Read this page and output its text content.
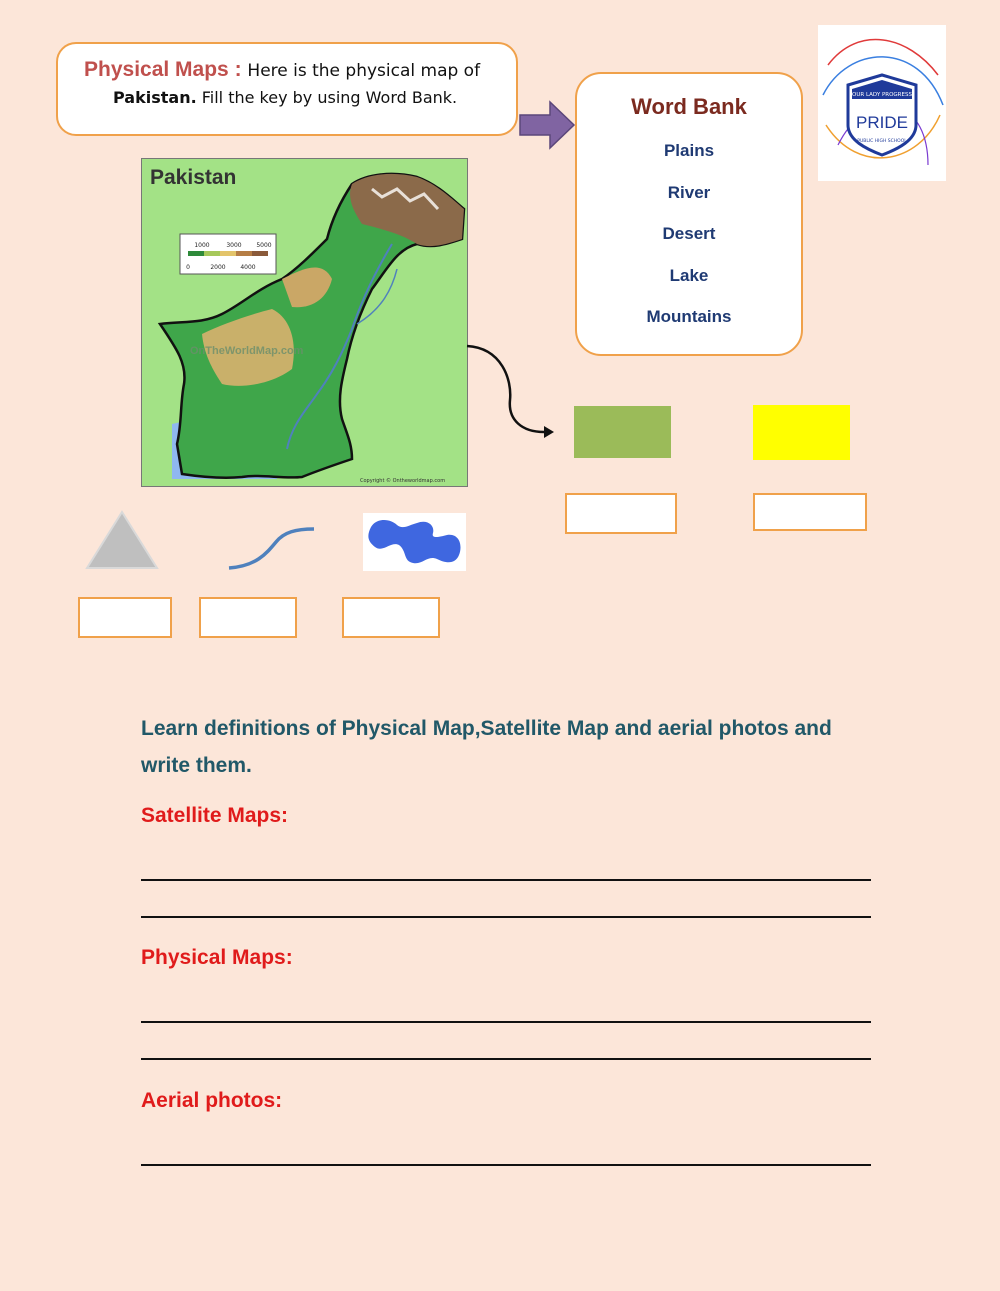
Physical Maps : Here is the physical map of
Pakistan. Fill the key by using Word Bank.	Word Bank
Plains
River
Desert
Lake
Mountains
OUR LADY PROGRESS
PRIDE
PUBLIC HIGH SCHOOL
1000	3000 5000
0	2000 4000
Pakistan
OnTheWorldMap.com
Copyright © Ontheworldmap.com
Learn definitions of Physical Map,Satellite Map and aerial photos and write them.
Satellite Maps:
Physical Maps:
Aerial photos:
